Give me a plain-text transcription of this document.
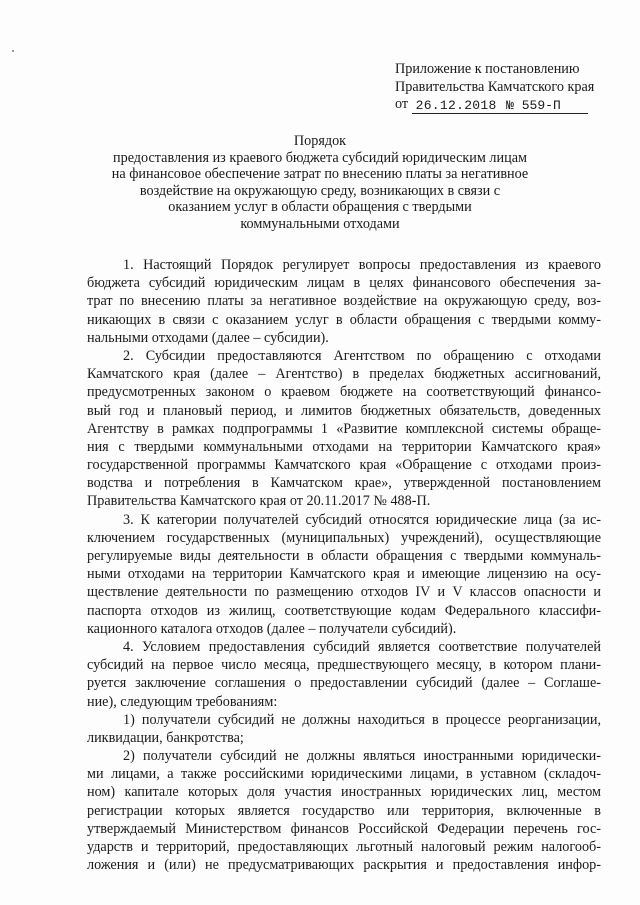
Приложение к постановлению
Правительства Камчатского края
от 26.12.2018 № 559-П
Порядок
предоставления из краевого бюджета субсидий юридическим лицам
на финансовое обеспечение затрат по внесению платы за негативное
воздействие на окружающую среду, возникающих в связи с
оказанием услуг в области обращения с твердыми
коммунальными отходами
1. Настоящий Порядок регулирует вопросы предоставления из краевого
бюджета субсидий юридическим лицам в целях финансового обеспечения за-
трат по внесению платы за негативное воздействие на окружающую среду, воз-
никающих в связи с оказанием услуг в области обращения с твердыми комму-
нальными отходами (далее – субсидии).
2. Субсидии предоставляются Агентством по обращению с отходами
Камчатского края (далее – Агентство) в пределах бюджетных ассигнований,
предусмотренных законом о краевом бюджете на соответствующий финансо-
вый год и плановый период, и лимитов бюджетных обязательств, доведенных
Агентству в рамках подпрограммы 1 «Развитие комплексной системы обраще-
ния с твердыми коммунальными отходами на территории Камчатского края»
государственной программы Камчатского края «Обращение с отходами произ-
водства и потребления в Камчатском крае», утвержденной постановлением
Правительства Камчатского края от 20.11.2017 № 488-П.
3. К категории получателей субсидий относятся юридические лица (за ис-
ключением государственных (муниципальных) учреждений), осуществляющие
регулируемые виды деятельности в области обращения с твердыми коммуналь-
ными отходами на территории Камчатского края и имеющие лицензию на осу-
ществление деятельности по размещению отходов IV и V классов опасности и
паспорта отходов из жилищ, соответствующие кодам Федерального классифи-
кационного каталога отходов (далее – получатели субсидий).
4. Условием предоставления субсидий является соответствие получателей
субсидий на первое число месяца, предшествующего месяцу, в котором плани-
руется заключение соглашения о предоставлении субсидий (далее – Соглаше-
ние), следующим требованиям:
1) получатели субсидий не должны находиться в процессе реорганизации,
ликвидации, банкротства;
2) получатели субсидий не должны являться иностранными юридически-
ми лицами, а также российскими юридическими лицами, в уставном (складоч-
ном) капитале которых доля участия иностранных юридических лиц, местом
регистрации которых является государство или территория, включенные в
утверждаемый Министерством финансов Российской Федерации перечень гос-
ударств и территорий, предоставляющих льготный налоговый режим налогооб-
ложения и (или) не предусматривающих раскрытия и предоставления инфор-
